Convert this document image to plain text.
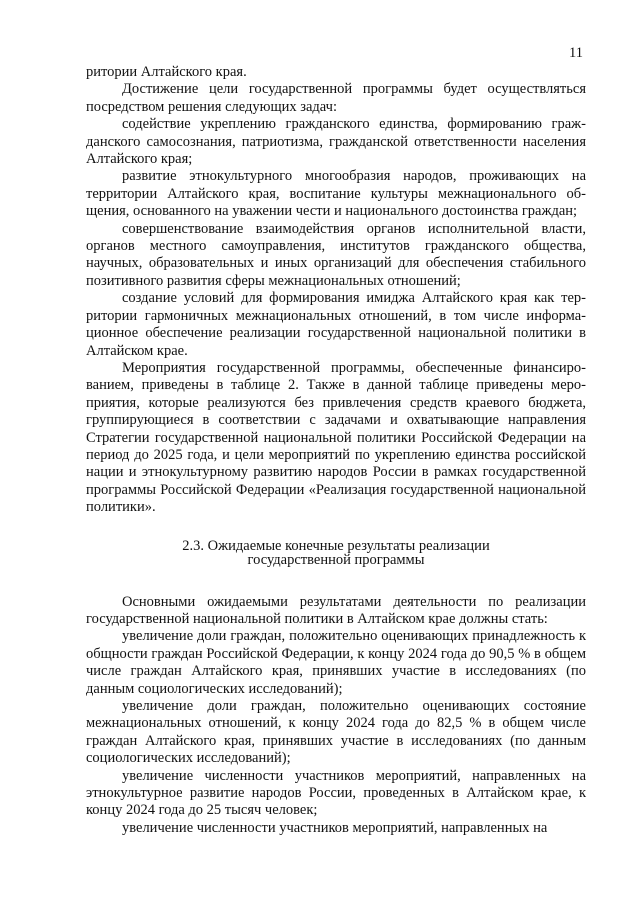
11

ритории Алтайского края.

Достижение цели государственной программы будет осуществляться посредством решения следующих задач:

содействие укреплению гражданского единства, формированию гражданского самосознания, патриотизма, гражданской ответственности населения Алтайского края;

развитие этнокультурного многообразия народов, проживающих на территории Алтайского края, воспитание культуры межнационального общения, основанного на уважении чести и национального достоинства граждан;

совершенствование взаимодействия органов исполнительной власти, органов местного самоуправления, институтов гражданского общества, научных, образовательных и иных организаций для обеспечения стабильного позитивного развития сферы межнациональных отношений;

создание условий для формирования имиджа Алтайского края как территории гармоничных межнациональных отношений, в том числе информационное обеспечение реализации государственной национальной политики в Алтайском крае.

Мероприятия государственной программы, обеспеченные финансированием, приведены в таблице 2. Также в данной таблице приведены мероприятия, которые реализуются без привлечения средств краевого бюджета, группирующиеся в соответствии с задачами и охватывающие направления Стратегии государственной национальной политики Российской Федерации на период до 2025 года, и цели мероприятий по укреплению единства российской нации и этнокультурному развитию народов России в рамках государственной программы Российской Федерации «Реализация государственной национальной политики».

2.3. Ожидаемые конечные результаты реализации
государственной программы

Основными ожидаемыми результатами деятельности по реализации государственной национальной политики в Алтайском крае должны стать:

увеличение доли граждан, положительно оценивающих принадлежность к общности граждан Российской Федерации, к концу 2024 года до 90,5 % в общем числе граждан Алтайского края, принявших участие в исследованиях (по данным социологических исследований);

увеличение доли граждан, положительно оценивающих состояние межнациональных отношений, к концу 2024 года до 82,5 % в общем числе граждан Алтайского края, принявших участие в исследованиях (по данным социологических исследований);

увеличение численности участников мероприятий, направленных на этнокультурное развитие народов России, проведенных в Алтайском крае, к концу 2024 года до 25 тысяч человек;

увеличение численности участников мероприятий, направленных на
